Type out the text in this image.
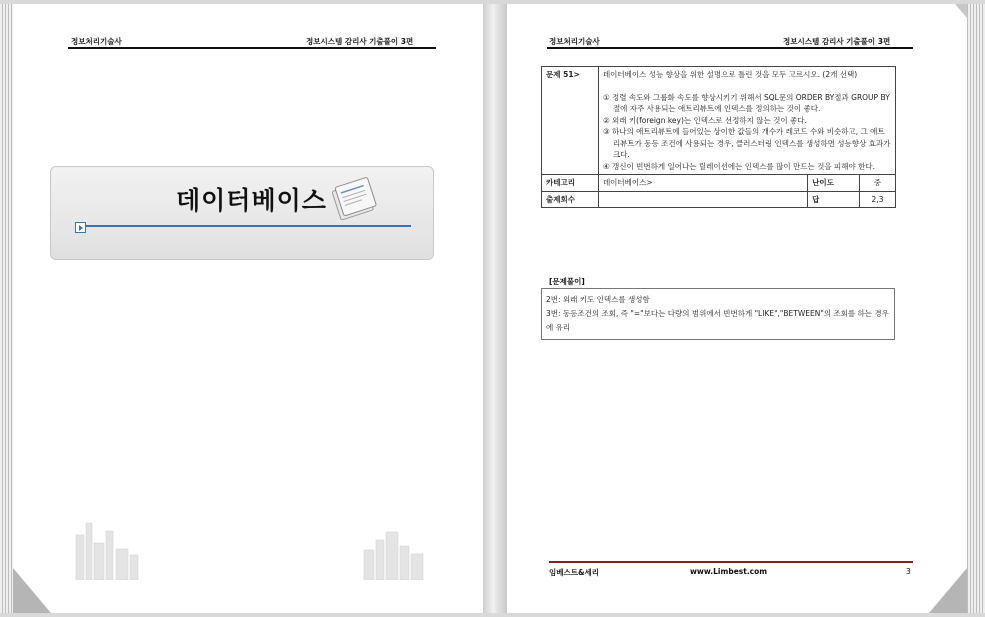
정보처리기술사	정보시스템 감리사 기출풀이 3편
데이터베이스
정보처리기술사	정보시스템 감리사 기출풀이 3편
문제 51>	데이터베이스 성능 향상을 위한 설명으로 틀린 것을 모두 고르시오. (2개 선택)

① 정렬 속도와 그룹화 속도를 향상시키기 위해서 SQL문의 ORDER BY절과 GROUP BY절에 자주 사용되는 애트리뷰트에 인덱스를 정의하는 것이 좋다.

② 외래 키(foreign key)는 인덱스로 선정하지 않는 것이 좋다.

③ 하나의 애트리뷰트에 들어있는 상이한 값들의 개수가 레코드 수와 비슷하고, 그 애트리뷰트가 동등 조건에 사용되는 경우, 클러스터링 인덱스를 생성하면 성능향상 효과가 크다.

④ 갱신이 빈번하게 일어나는 릴레이션에는 인덱스를 많이 만드는 것을 피해야 한다.		

카테고리	데이터베이스>	난이도	중
출제회수		답	2,3
[문제풀이]

2번: 외래 키도 인덱스를 생성함

3번: 동등조건의 조회, 즉 "="보다는 다량의 범위에서 빈번하게 "LIKE","BETWEEN"의 조회를 하는 경우에 유리

임베스트&세리	www.Limbest.com	3
